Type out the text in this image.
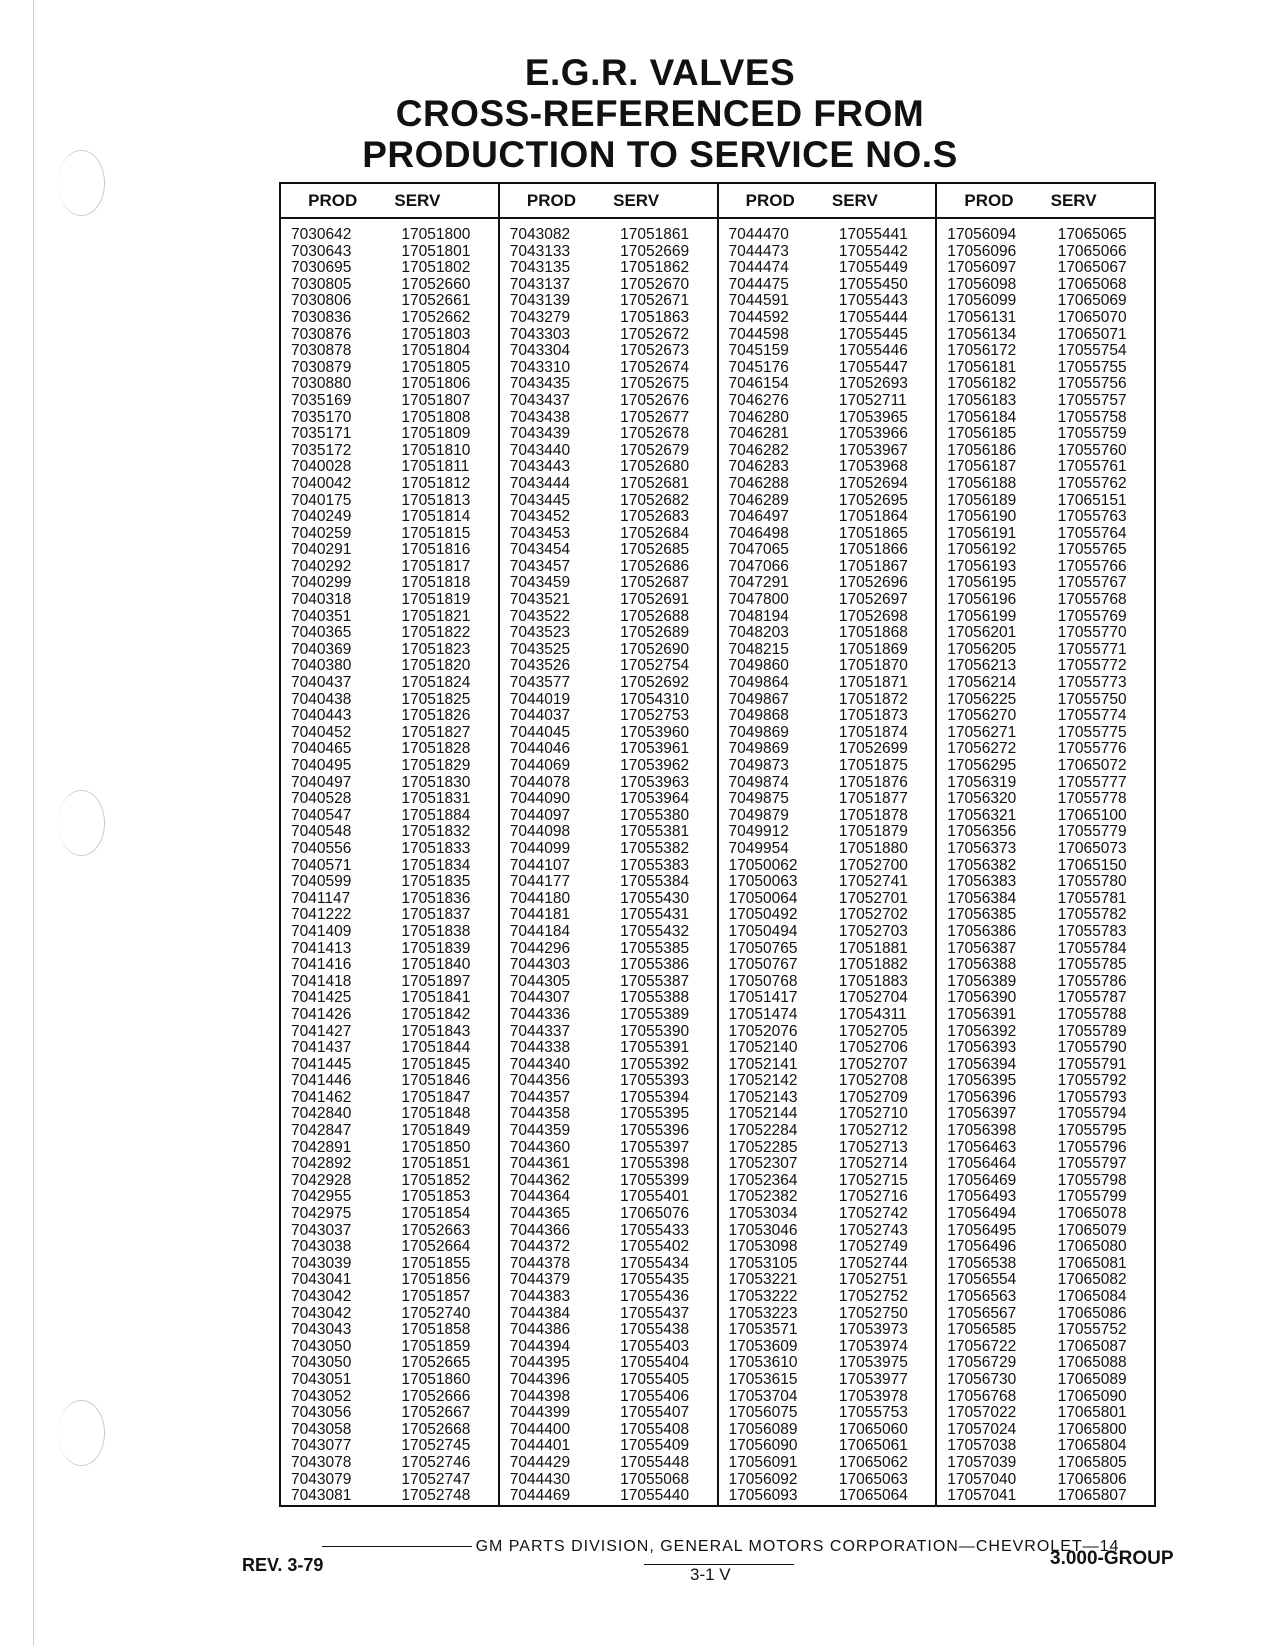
E.G.R. VALVES
CROSS-REFERENCED FROM
PRODUCTION TO SERVICE NO.S
PROD	SERV
7030642	17051800
7030643	17051801
7030695	17051802
7030805	17052660
7030806	17052661
7030836	17052662
7030876	17051803
7030878	17051804
7030879	17051805
7030880	17051806
7035169	17051807
7035170	17051808
7035171	17051809
7035172	17051810
7040028	17051811
7040042	17051812
7040175	17051813
7040249	17051814
7040259	17051815
7040291	17051816
7040292	17051817
7040299	17051818
7040318	17051819
7040351	17051821
7040365	17051822
7040369	17051823
7040380	17051820
7040437	17051824
7040438	17051825
7040443	17051826
7040452	17051827
7040465	17051828
7040495	17051829
7040497	17051830
7040528	17051831
7040547	17051884
7040548	17051832
7040556	17051833
7040571	17051834
7040599	17051835
7041147	17051836
7041222	17051837
7041409	17051838
7041413	17051839
7041416	17051840
7041418	17051897
7041425	17051841
7041426	17051842
7041427	17051843
7041437	17051844
7041445	17051845
7041446	17051846
7041462	17051847
7042840	17051848
7042847	17051849
7042891	17051850
7042892	17051851
7042928	17051852
7042955	17051853
7042975	17051854
7043037	17052663
7043038	17052664
7043039	17051855
7043041	17051856
7043042	17051857
7043042	17052740
7043043	17051858
7043050	17051859
7043050	17052665
7043051	17051860
7043052	17052666
7043056	17052667
7043058	17052668
7043077	17052745
7043078	17052746
7043079	17052747
7043081	17052748
PROD	SERV
7043082	17051861
7043133	17052669
7043135	17051862
7043137	17052670
7043139	17052671
7043279	17051863
7043303	17052672
7043304	17052673
7043310	17052674
7043435	17052675
7043437	17052676
7043438	17052677
7043439	17052678
7043440	17052679
7043443	17052680
7043444	17052681
7043445	17052682
7043452	17052683
7043453	17052684
7043454	17052685
7043457	17052686
7043459	17052687
7043521	17052691
7043522	17052688
7043523	17052689
7043525	17052690
7043526	17052754
7043577	17052692
7044019	17054310
7044037	17052753
7044045	17053960
7044046	17053961
7044069	17053962
7044078	17053963
7044090	17053964
7044097	17055380
7044098	17055381
7044099	17055382
7044107	17055383
7044177	17055384
7044180	17055430
7044181	17055431
7044184	17055432
7044296	17055385
7044303	17055386
7044305	17055387
7044307	17055388
7044336	17055389
7044337	17055390
7044338	17055391
7044340	17055392
7044356	17055393
7044357	17055394
7044358	17055395
7044359	17055396
7044360	17055397
7044361	17055398
7044362	17055399
7044364	17055401
7044365	17065076
7044366	17055433
7044372	17055402
7044378	17055434
7044379	17055435
7044383	17055436
7044384	17055437
7044386	17055438
7044394	17055403
7044395	17055404
7044396	17055405
7044398	17055406
7044399	17055407
7044400	17055408
7044401	17055409
7044429	17055448
7044430	17055068
7044469	17055440
PROD	SERV
7044470	17055441
7044473	17055442
7044474	17055449
7044475	17055450
7044591	17055443
7044592	17055444
7044598	17055445
7045159	17055446
7045176	17055447
7046154	17052693
7046276	17052711
7046280	17053965
7046281	17053966
7046282	17053967
7046283	17053968
7046288	17052694
7046289	17052695
7046497	17051864
7046498	17051865
7047065	17051866
7047066	17051867
7047291	17052696
7047800	17052697
7048194	17052698
7048203	17051868
7048215	17051869
7049860	17051870
7049864	17051871
7049867	17051872
7049868	17051873
7049869	17051874
7049869	17052699
7049873	17051875
7049874	17051876
7049875	17051877
7049879	17051878
7049912	17051879
7049954	17051880
17050062	17052700
17050063	17052741
17050064	17052701
17050492	17052702
17050494	17052703
17050765	17051881
17050767	17051882
17050768	17051883
17051417	17052704
17051474	17054311
17052076	17052705
17052140	17052706
17052141	17052707
17052142	17052708
17052143	17052709
17052144	17052710
17052284	17052712
17052285	17052713
17052307	17052714
17052364	17052715
17052382	17052716
17053034	17052742
17053046	17052743
17053098	17052749
17053105	17052744
17053221	17052751
17053222	17052752
17053223	17052750
17053571	17053973
17053609	17053974
17053610	17053975
17053615	17053977
17053704	17053978
17056075	17055753
17056089	17065060
17056090	17065061
17056091	17065062
17056092	17065063
17056093	17065064
PROD	SERV
17056094	17065065
17056096	17065066
17056097	17065067
17056098	17065068
17056099	17065069
17056131	17065070
17056134	17065071
17056172	17055754
17056181	17055755
17056182	17055756
17056183	17055757
17056184	17055758
17056185	17055759
17056186	17055760
17056187	17055761
17056188	17055762
17056189	17065151
17056190	17055763
17056191	17055764
17056192	17055765
17056193	17055766
17056195	17055767
17056196	17055768
17056199	17055769
17056201	17055770
17056205	17055771
17056213	17055772
17056214	17055773
17056225	17055750
17056270	17055774
17056271	17055775
17056272	17055776
17056295	17065072
17056319	17055777
17056320	17055778
17056321	17065100
17056356	17055779
17056373	17065073
17056382	17065150
17056383	17055780
17056384	17055781
17056385	17055782
17056386	17055783
17056387	17055784
17056388	17055785
17056389	17055786
17056390	17055787
17056391	17055788
17056392	17055789
17056393	17055790
17056394	17055791
17056395	17055792
17056396	17055793
17056397	17055794
17056398	17055795
17056463	17055796
17056464	17055797
17056469	17055798
17056493	17055799
17056494	17065078
17056495	17065079
17056496	17065080
17056538	17065081
17056554	17065082
17056563	17065084
17056567	17065086
17056585	17055752
17056722	17065087
17056729	17065088
17056730	17065089
17056768	17065090
17057022	17065801
17057024	17065800
17057038	17065804
17057039	17065805
17057040	17065806
17057041	17065807
GM PARTS DIVISION, GENERAL MOTORS CORPORATION—CHEVROLET—14
REV. 3-79	3-1 V
3.000-GROUP
